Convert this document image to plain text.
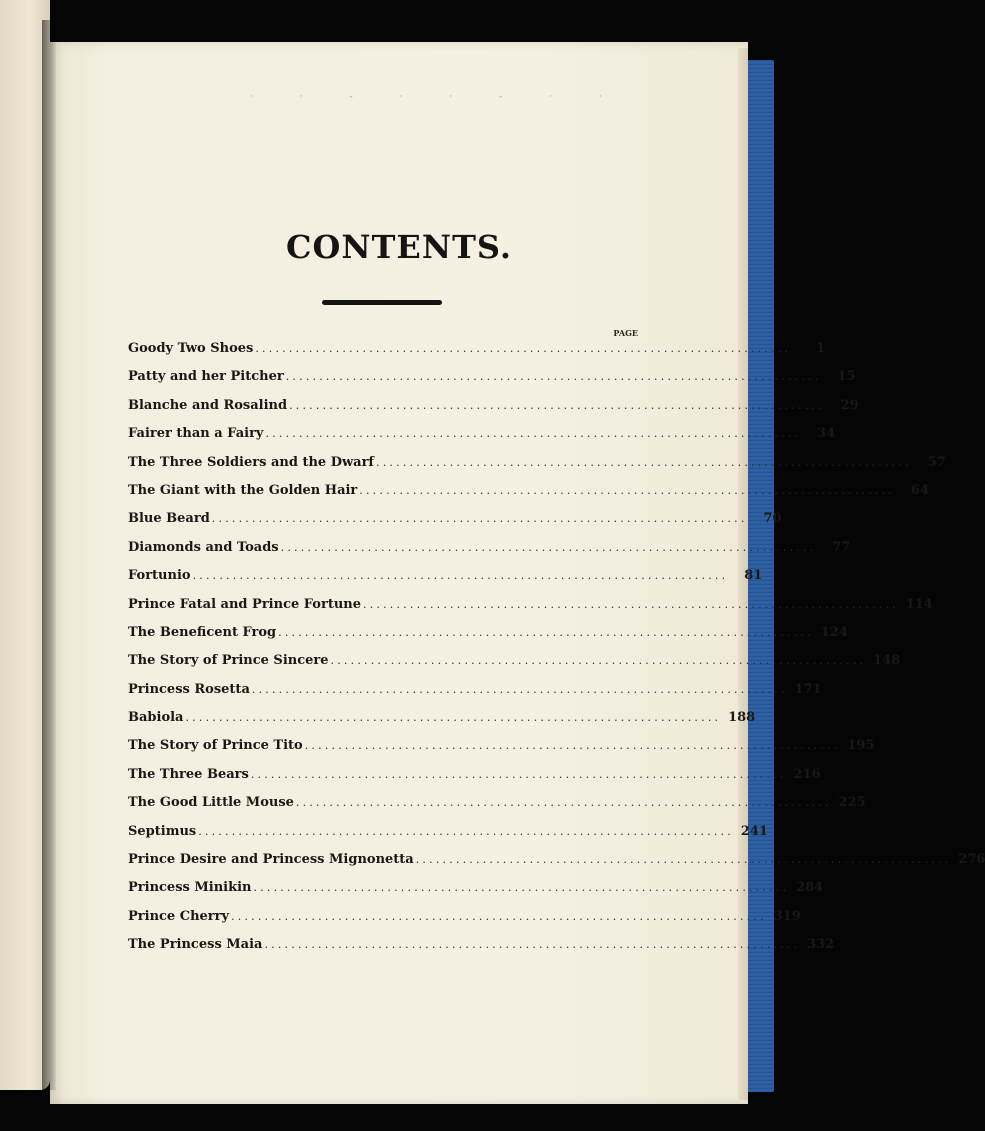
· · - · · - · ·
CONTENTS.
PAGE
Goody Two Shoes ................................................................................	1
Patty and her Pitcher ................................................................................	15
Blanche and Rosalind ................................................................................	29
Fairer than a Fairy ................................................................................	34
The Three Soldiers and the Dwarf ................................................................................	57
The Giant with the Golden Hair ................................................................................	64
Blue Beard ................................................................................	70
Diamonds and Toads ................................................................................	77
Fortunio ................................................................................	81
Prince Fatal and Prince Fortune ................................................................................ 114
The Beneficent Frog ................................................................................ 124
The Story of Prince Sincere ................................................................................ 148
Princess Rosetta ................................................................................ 171
Babiola ................................................................................ 188
The Story of Prince Tito ................................................................................ 195
The Three Bears ................................................................................ 216
The Good Little Mouse ................................................................................ 225
Septimus ................................................................................ 241
Prince Desire and Princess Mignonetta ................................................................................ 276
Princess Minikin ................................................................................ 284
Prince Cherry ................................................................................ 319
The Princess Maia ................................................................................ 332
